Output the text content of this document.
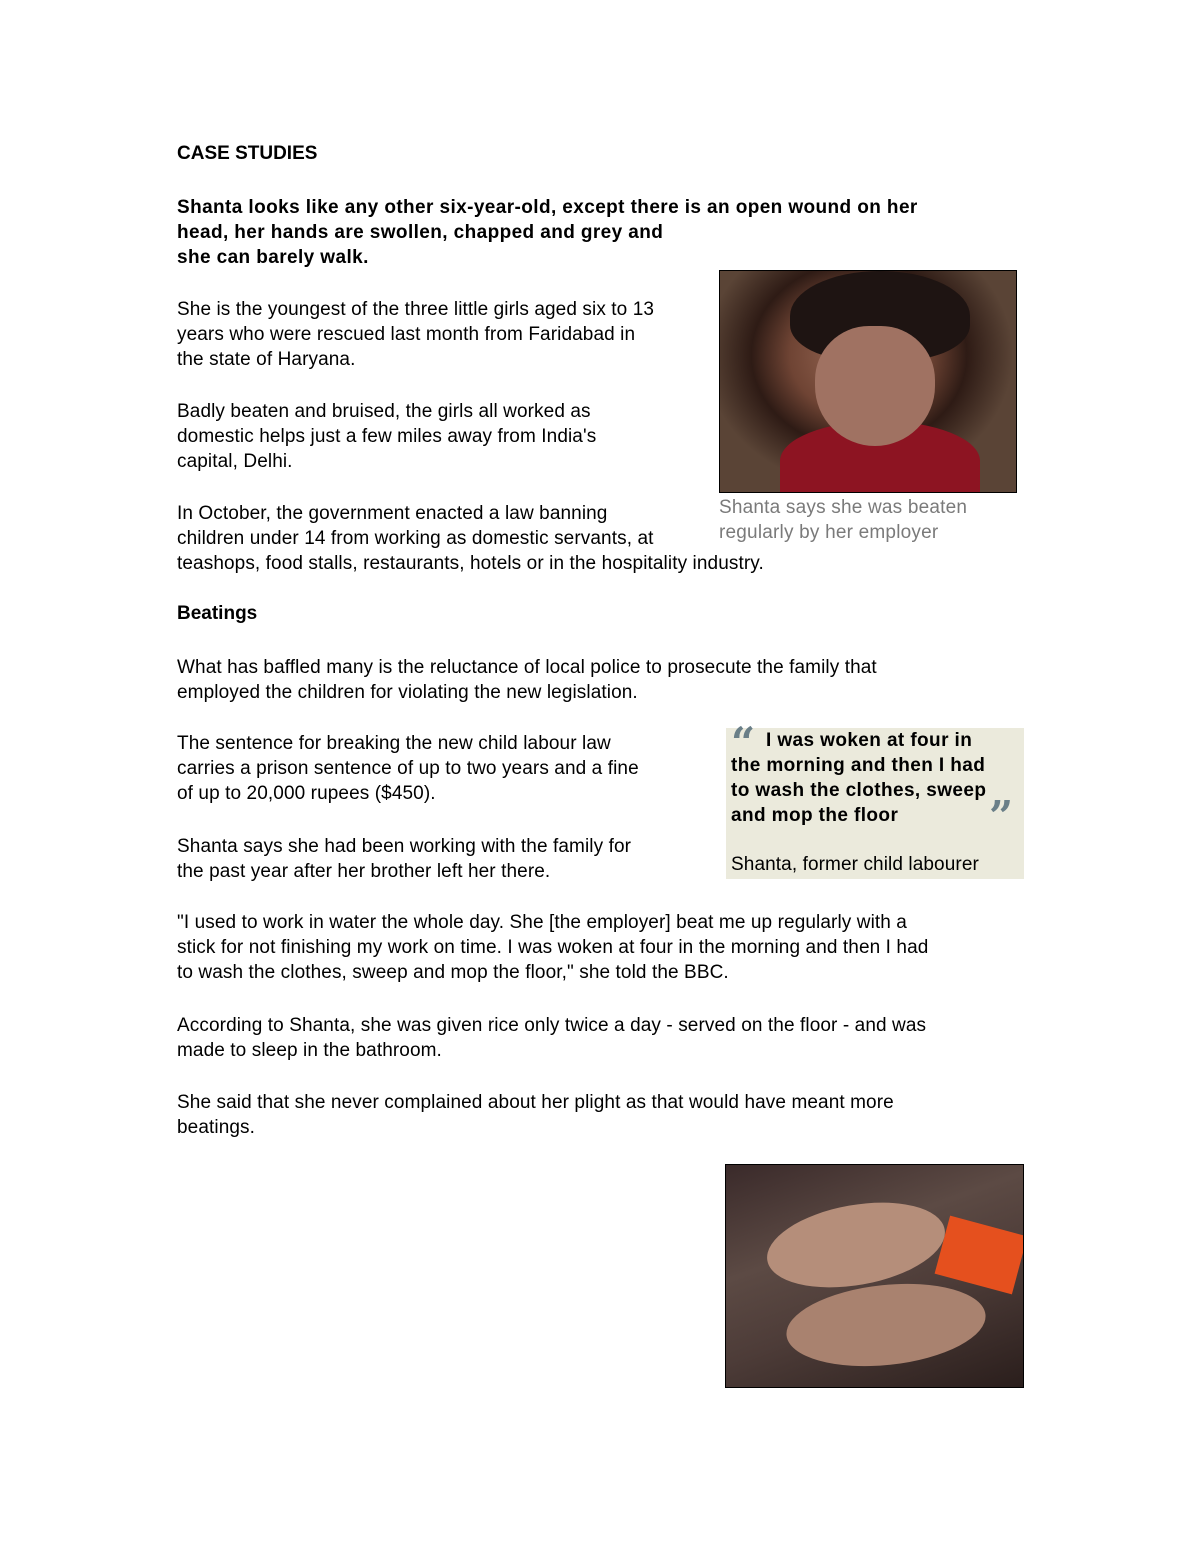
CASE STUDIES
Shanta looks like any other six-year-old, except there is an open wound on her
head, her hands are swollen, chapped and grey and
she can barely walk.
She is the youngest of the three little girls aged six to 13
years who were rescued last month from Faridabad in
the state of Haryana.
Badly beaten and bruised, the girls all worked as
domestic helps just a few miles away from India's
capital, Delhi.
In October, the government enacted a law banning
children under 14 from working as domestic servants, at
teashops, food stalls, restaurants, hotels or in the hospitality industry.
Shanta says she was beaten
regularly by her employer
Beatings
What has baffled many is the reluctance of local police to prosecute the family that
employed the children for violating the new legislation.
The sentence for breaking the new child labour law
carries a prison sentence of up to two years and a fine
of up to 20,000 rupees ($450).
Shanta says she had been working with the family for
the past year after her brother left her there.
“ I was woken at four in
the morning and then I had
to wash the clothes, sweep
and mop the floor	”
Shanta, former child labourer
"I used to work in water the whole day. She [the employer] beat me up regularly with a
stick for not finishing my work on time. I was woken at four in the morning and then I had
to wash the clothes, sweep and mop the floor," she told the BBC.
According to Shanta, she was given rice only twice a day - served on the floor - and was
made to sleep in the bathroom.
She said that she never complained about her plight as that would have meant more
beatings.
